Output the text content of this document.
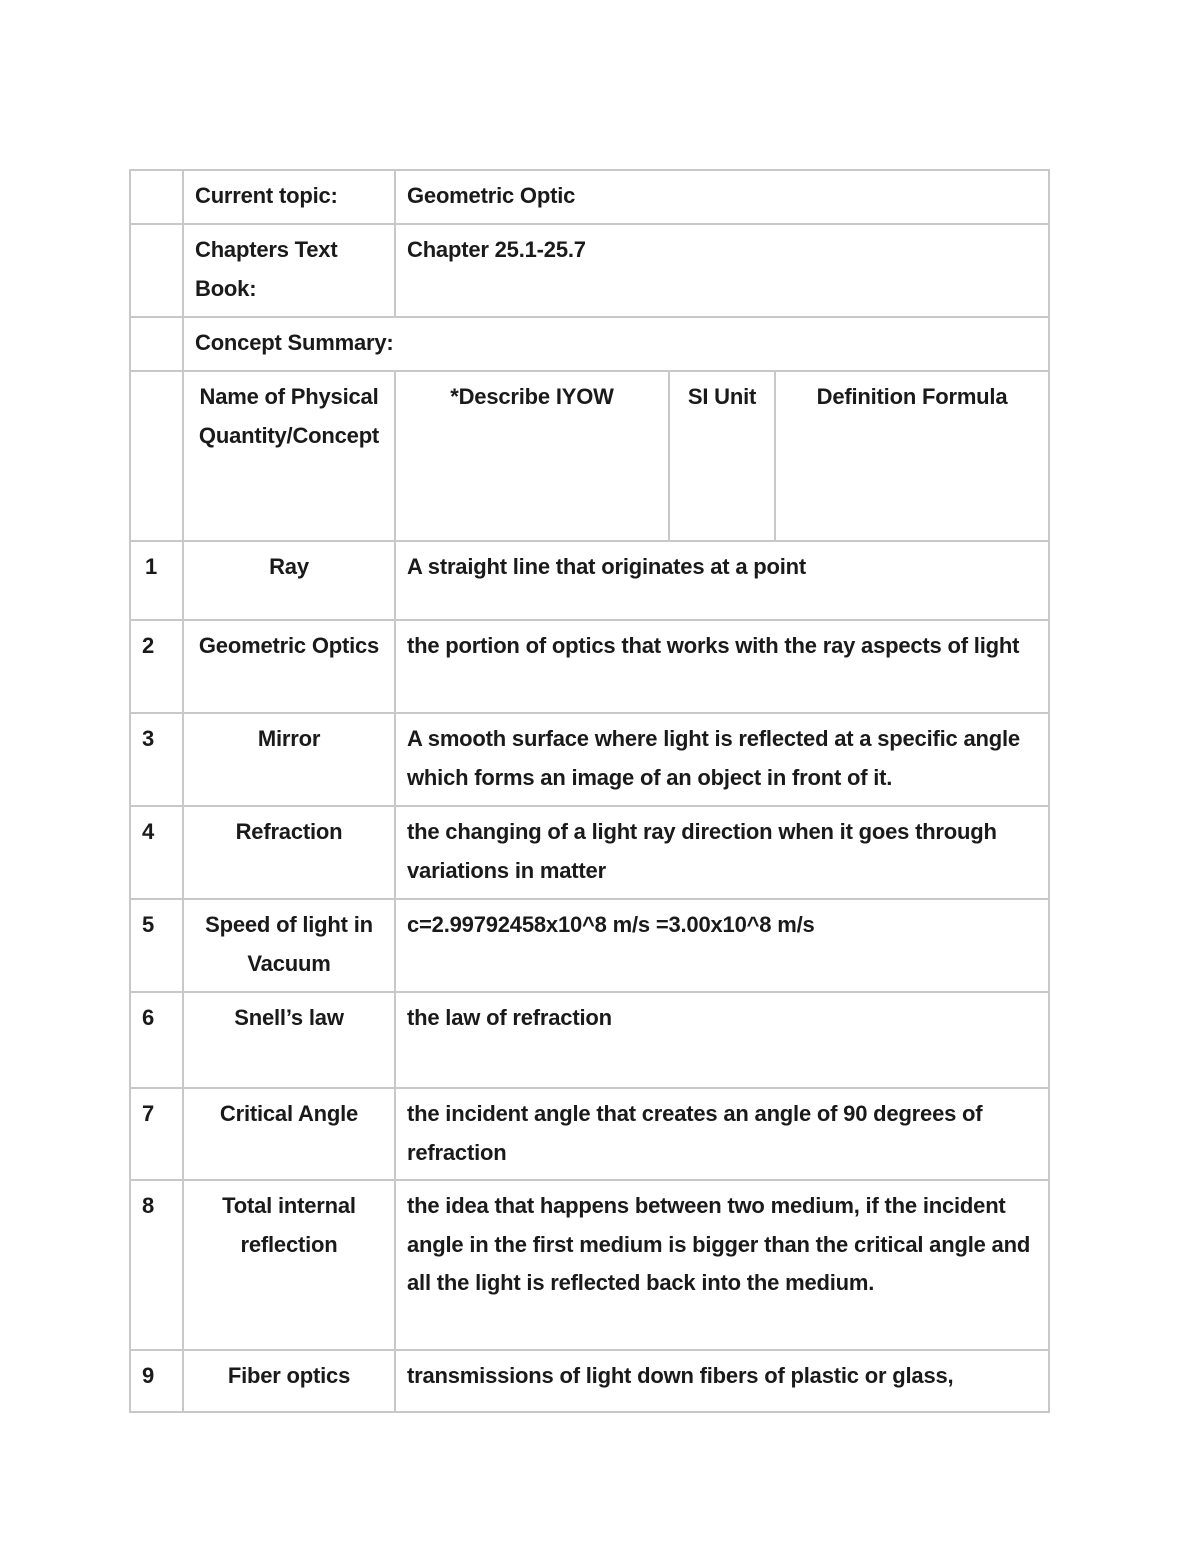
	Current topic:	Geometric Optic		
	Chapters Text Book:	Chapter 25.1-25.7		
	Concept Summary:			
	Name of Physical Quantity/Concept	*Describe IYOW	SI Unit	Definition Formula
1	Ray	A straight line that originates at a point		
2	Geometric Optics	the portion of optics that works with the ray aspects of light		
3	Mirror	A smooth surface where light is reflected at a specific angle which forms an image of an object in front of it.		
4	Refraction	the changing of a light ray direction when it goes through variations in matter		
5	Speed of light in Vacuum	c=2.99792458x10^8 m/s =3.00x10^8 m/s		
6	Snell’s law	the law of refraction		
7	Critical Angle	the incident angle that creates an angle of 90 degrees of refraction		
8	Total internal reflection	the idea that happens between two medium, if the incident angle in the first medium is bigger than the critical angle and all the light is reflected back into the medium.		
9	Fiber optics	transmissions of light down fibers of plastic or glass,		
